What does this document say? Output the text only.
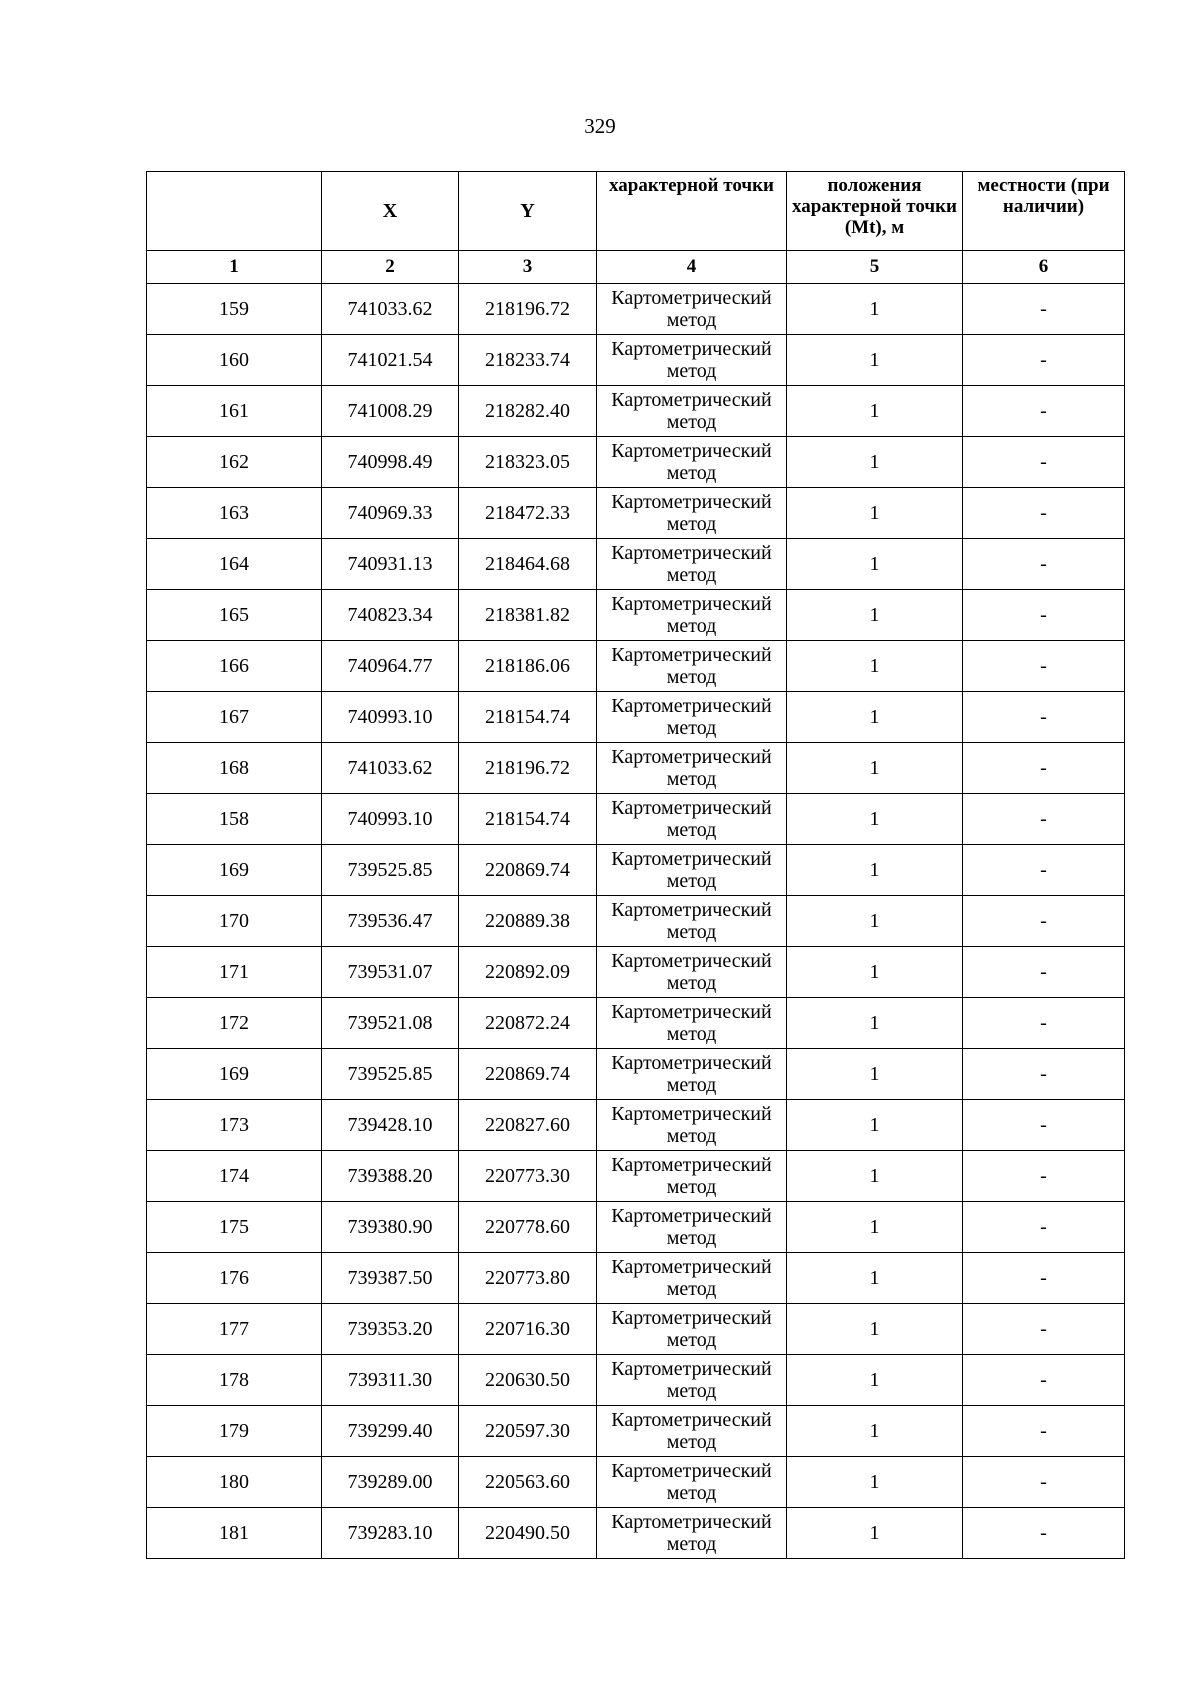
329
	X	Y	характерной точки	положения характерной точки (Mt), м	местности (при наличии)
1	2	3	4	5	6
159	741033.62	218196.72	Картометрический метод	1	-
160	741021.54	218233.74	Картометрический метод	1	-
161	741008.29	218282.40	Картометрический метод	1	-
162	740998.49	218323.05	Картометрический метод	1	-
163	740969.33	218472.33	Картометрический метод	1	-
164	740931.13	218464.68	Картометрический метод	1	-
165	740823.34	218381.82	Картометрический метод	1	-
166	740964.77	218186.06	Картометрический метод	1	-
167	740993.10	218154.74	Картометрический метод	1	-
168	741033.62	218196.72	Картометрический метод	1	-
158	740993.10	218154.74	Картометрический метод	1	-
169	739525.85	220869.74	Картометрический метод	1	-
170	739536.47	220889.38	Картометрический метод	1	-
171	739531.07	220892.09	Картометрический метод	1	-
172	739521.08	220872.24	Картометрический метод	1	-
169	739525.85	220869.74	Картометрический метод	1	-
173	739428.10	220827.60	Картометрический метод	1	-
174	739388.20	220773.30	Картометрический метод	1	-
175	739380.90	220778.60	Картометрический метод	1	-
176	739387.50	220773.80	Картометрический метод	1	-
177	739353.20	220716.30	Картометрический метод	1	-
178	739311.30	220630.50	Картометрический метод	1	-
179	739299.40	220597.30	Картометрический метод	1	-
180	739289.00	220563.60	Картометрический метод	1	-
181	739283.10	220490.50	Картометрический метод	1	-
